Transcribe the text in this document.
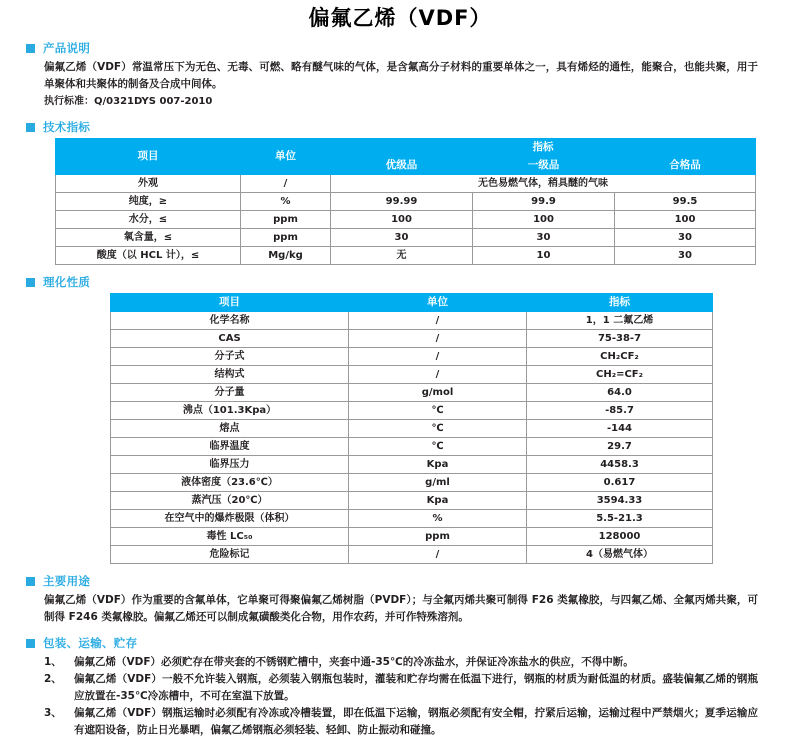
偏氟乙烯（VDF）
产品说明

偏氟乙烯（VDF）常温常压下为无色、无毒、可燃、略有醚气味的气体，是含氟高分子材料的重要单体之一，具有烯烃的通性，能聚合，也能共聚，用于单聚体和共聚体的制备及合成中间体。

执行标准：Q/0321DYS 007-2010
技术指标
项目	单位	指标		
		优级品	一级品	合格品
外观	/	无色易燃气体，稍具醚的气味		
纯度，≥	%	99.99	99.9	99.5
水分，≤	ppm	100	100	100
氧含量，≤	ppm	30	30	30
酸度（以 HCL 计），≤	Mg/kg	无	10	30
理化性质
项目	单位	指标
化学名称	/	1，1 二氟乙烯
CAS	/	75-38-7
分子式	/	CH₂CF₂
结构式	/	CH₂=CF₂
分子量	g/mol	64.0
沸点（101.3Kpa）	℃	-85.7
熔点	℃	-144
临界温度	℃	29.7
临界压力	Kpa	4458.3
液体密度（23.6℃）	g/ml	0.617
蒸汽压（20℃）	Kpa	3594.33
在空气中的爆炸极限（体积）	%	5.5-21.3
毒性 LC₅₀	ppm	128000
危险标记	/	4（易燃气体）
主要用途

偏氟乙烯（VDF）作为重要的含氟单体，它单聚可得聚偏氟乙烯树脂（PVDF）；与全氟丙烯共聚可制得 F26 类氟橡胶，与四氟乙烯、全氟丙烯共聚，可制得 F246 类氟橡胶。偏氟乙烯还可以制成氟磺酸类化合物，用作农药，并可作特殊溶剂。

包装、运输、贮存
1、 偏氟乙烯（VDF）必须贮存在带夹套的不锈钢贮槽中，夹套中通-35℃的冷冻盐水，并保证冷冻盐水的供应，不得中断。
2、 偏氟乙烯（VDF）一般不允许装入钢瓶，必须装入钢瓶包装时，灌装和贮存均需在低温下进行，钢瓶的材质为耐低温的材质。盛装偏氟乙烯的钢瓶应放置在-35℃冷冻槽中，不可在室温下放置。
3、 偏氟乙烯（VDF）钢瓶运输时必须配有冷冻或冷槽装置，即在低温下运输，钢瓶必须配有安全帽，拧紧后运输，运输过程中严禁烟火；夏季运输应有遮阳设备，防止日光暴晒，偏氟乙烯钢瓶必须轻装、轻卸、防止振动和碰撞。
